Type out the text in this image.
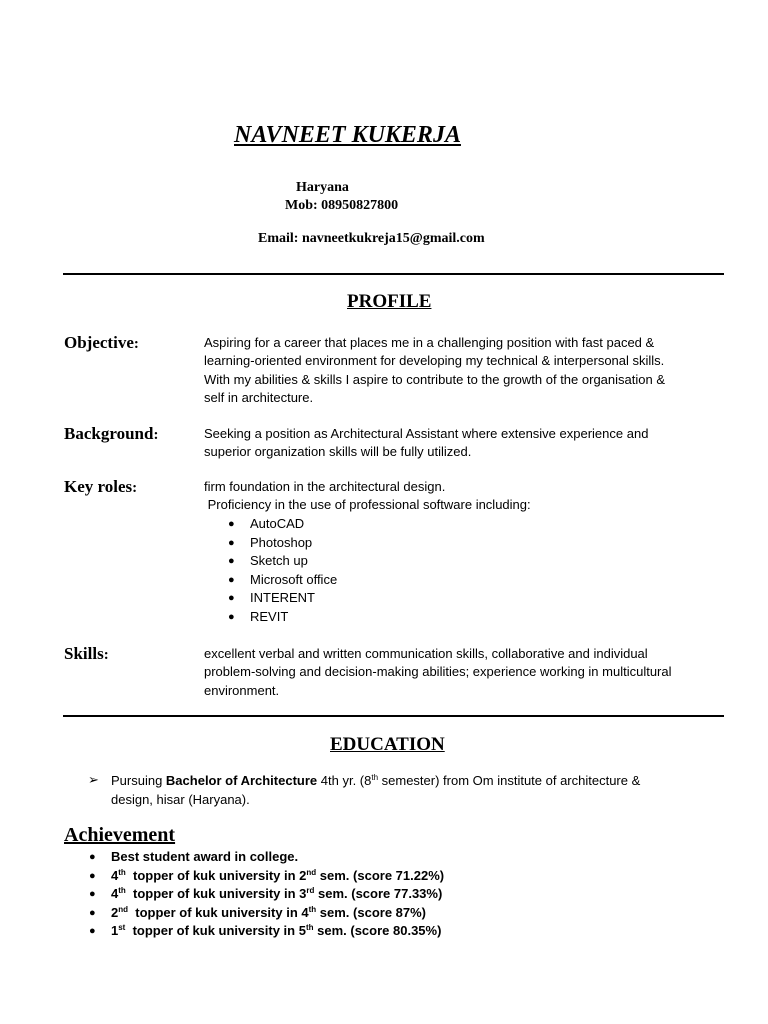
NAVNEET KUKERJA
Haryana
Mob: 08950827800
Email: navneetkukreja15@gmail.com
PROFILE
Objective:	Aspiring for a career that places me in a challenging position with fast paced &
learning-oriented environment for developing my technical & interpersonal skills.
With my abilities & skills I aspire to contribute to the growth of the organisation &
self in architecture.
Background:	Seeking a position as Architectural Assistant where extensive experience and
superior organization skills will be fully utilized.
Key roles:	firm foundation in the architectural design.
Proficiency in the use of professional software including:
● AutoCAD
● Photoshop
● Sketch up
● Microsoft office
● INTERENT
● REVIT
Skills:	excellent verbal and written communication skills, collaborative and individual
problem-solving and decision-making abilities; experience working in multicultural
environment.
EDUCATION
➢ Pursuing Bachelor of Architecture 4th yr. (8th semester) from Om institute of architecture &
design, hisar (Haryana).
Achievement
● Best student award in college.
● 4th  topper of kuk university in 2nd sem. (score 71.22%)
● 4th  topper of kuk university in 3rd sem. (score 77.33%)
● 2nd  topper of kuk university in 4th sem. (score 87%)
● 1st  topper of kuk university in 5th sem. (score 80.35%)
